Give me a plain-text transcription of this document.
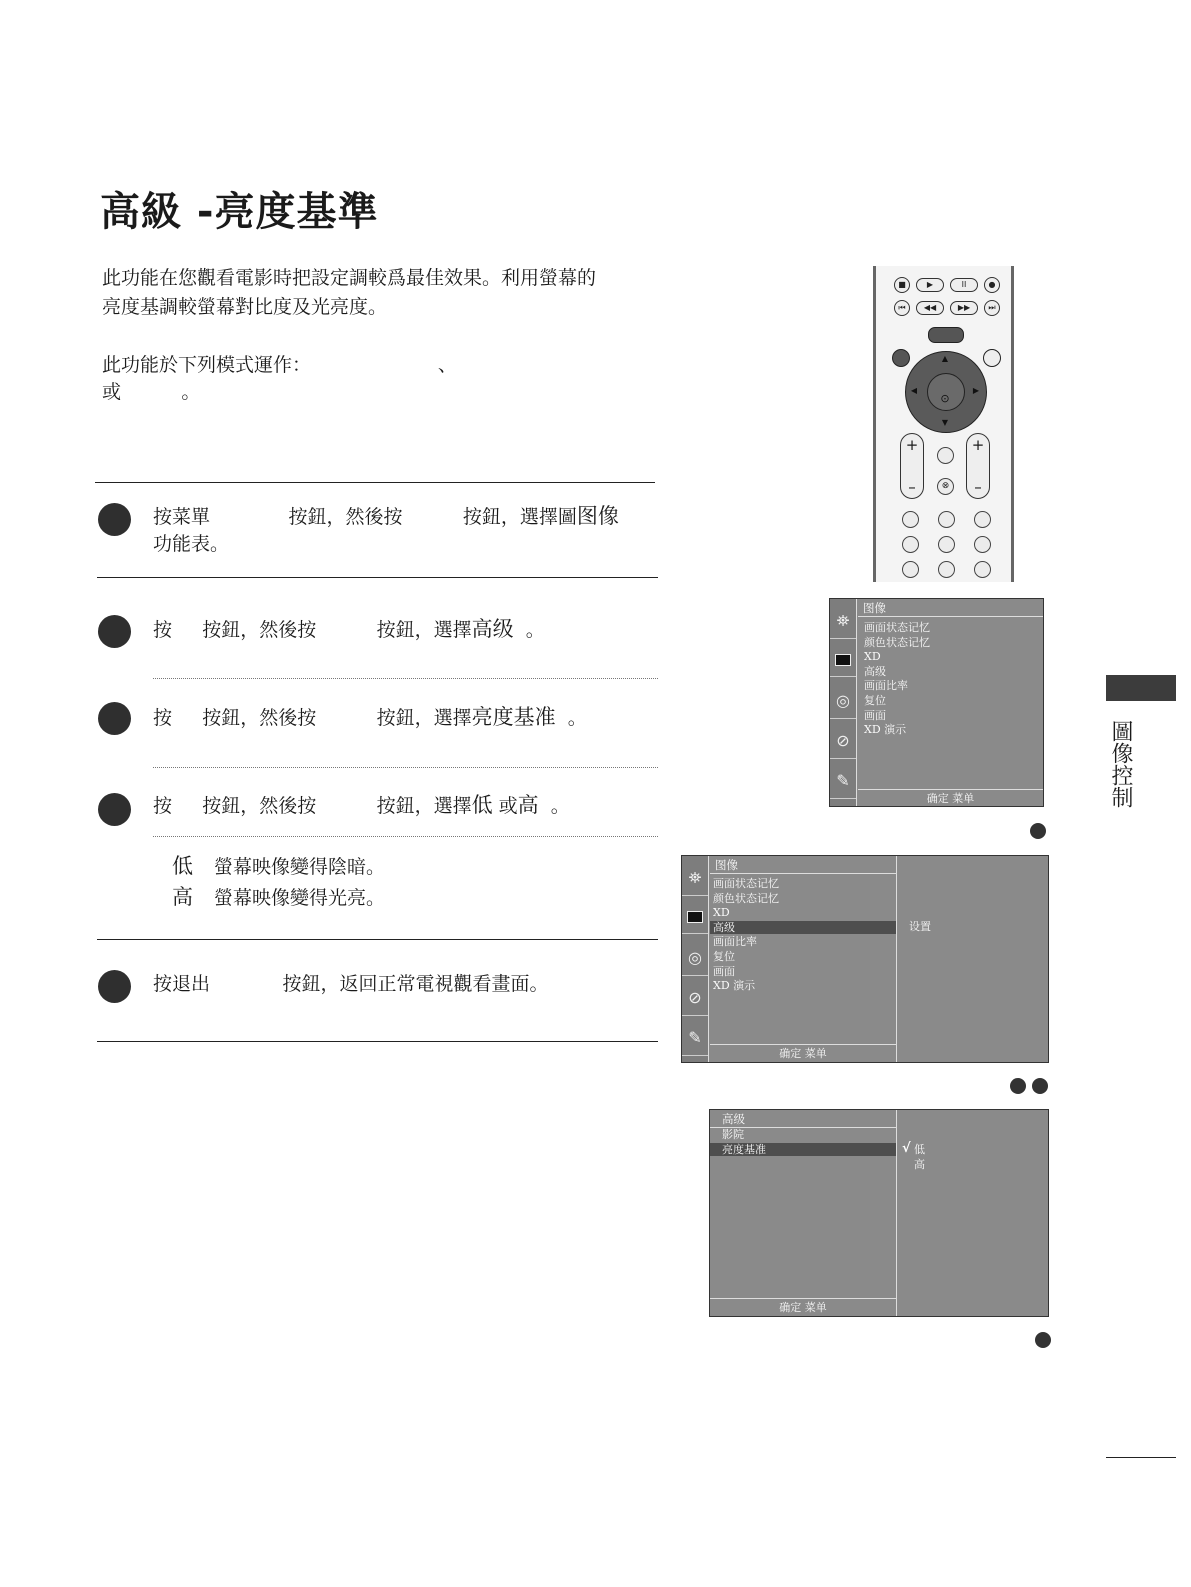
高級 -亮度基準
此功能在您觀看電影時把設定調較爲最佳效果。利用螢幕的
亮度基調較螢幕對比度及光亮度。
此功能於下列模式運作：                     、
或          。
按菜單             按鈕，然後按          按鈕，選擇圖图像
功能表。
按     按鈕，然後按          按鈕，選擇高级  。
按     按鈕，然後按          按鈕，選擇亮度基准  。
按     按鈕，然後按          按鈕，選擇低 或高  。
低 螢幕映像變得陰暗。
高 螢幕映像變得光亮。
按退出            按鈕，返回正常電視觀看畫面。
圖像控制
■	▶	II	●
⏮ ◀◀	▶▶ ⏭
⊙
▲
▼
◀	▶
+
–
+
–
⊗
⛯
◎
⊘
✎
图像
画面状态记忆
颜色状态记忆
XD
高级
画面比率
复位
画面
XD 演示
确定 菜单
⛯
◎
⊘
✎
图像
画面状态记忆
颜色状态记忆
XD
高级
画面比率
复位
画面
XD 演示
确定 菜单
设置
高级
影院
亮度基准
确定 菜单
√ 低
高
